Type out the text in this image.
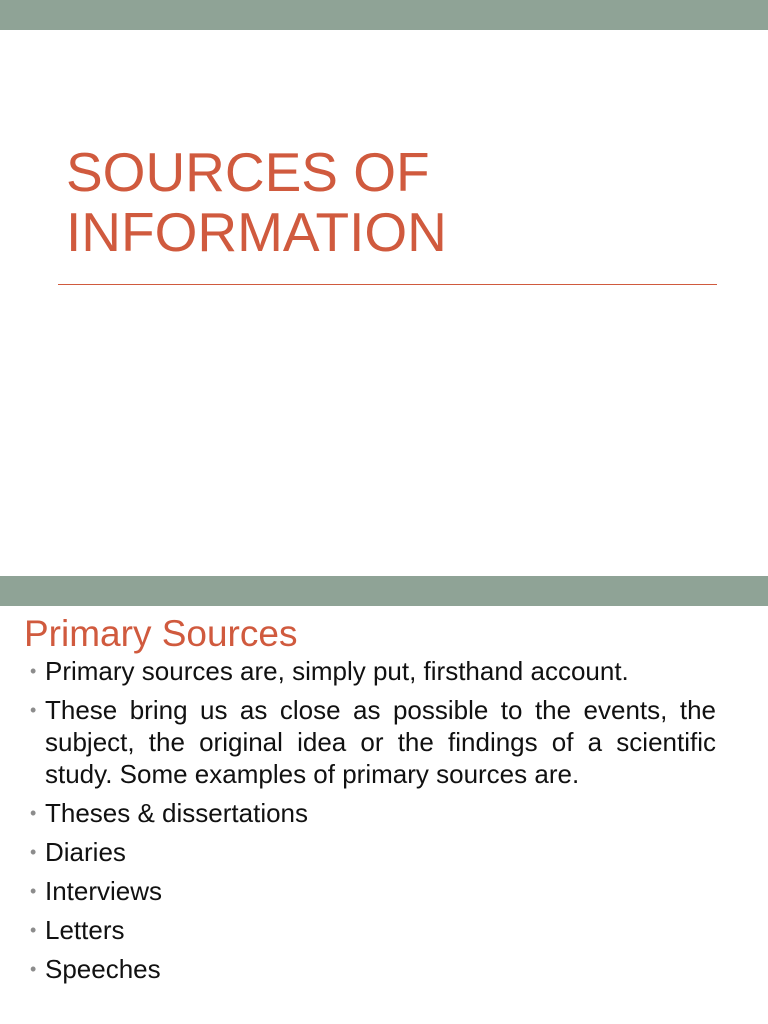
SOURCES OF
INFORMATION
Primary Sources
• Primary sources are, simply put, firsthand account.
• These bring us as close as possible to the events, the subject, the original idea or the findings of a scientific study. Some examples of primary sources are.
• Theses & dissertations
• Diaries
• Interviews
• Letters
• Speeches
